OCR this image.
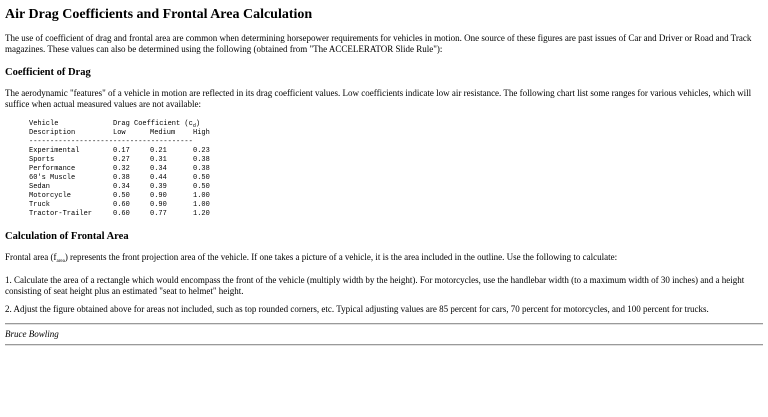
Air Drag Coefficients and Frontal Area Calculation

The use of coefficient of drag and frontal area are common when determining horsepower requirements for vehicles in motion. One source of these figures are past issues of Car and Driver or Road and Track magazines. These values can also be determined using the following (obtained from "The ACCELERATOR Slide Rule"):

Coefficient of Drag

The aerodynamic "features" of a vehicle in motion are reflected in its drag coefficient values. Low coefficients indicate low air resistance. The following chart list some ranges for various vehicles, which will suffice when actual measured values are not available:

Vehicle	Drag Coefficient $(c_d)$
Description	Low	Medium	High
---------------------------------------
Experimental	0.17	0.21	0.23
Sports	0.27	0.31	0.38
Performance	0.32	0.34	0.38
60's Muscle	0.38	0.44	0.50
Sedan	0.34	0.39	0.50
Motorcycle	0.50	0.90	1.00
Truck	0.60	0.90	1.00
Tractor-Trailer	0.60	0.77	1.20
Calculation of Frontal Area

Frontal area $(f_{area})$ represents the front projection area of the vehicle. If one takes a picture of a vehicle, it is the area included in the outline. Use the following to calculate:

1. Calculate the area of a rectangle which would encompass the front of the vehicle (multiply width by the height). For motorcycles, use the handlebar width (to a maximum width of 30 inches) and a height consisting of seat height plus an estimated "seat to helmet" height.

2. Adjust the figure obtained above for areas not included, such as top rounded corners, etc. Typical adjusting values are 85 percent for cars, 70 percent for motorcycles, and 100 percent for trucks.

Bruce Bowling
